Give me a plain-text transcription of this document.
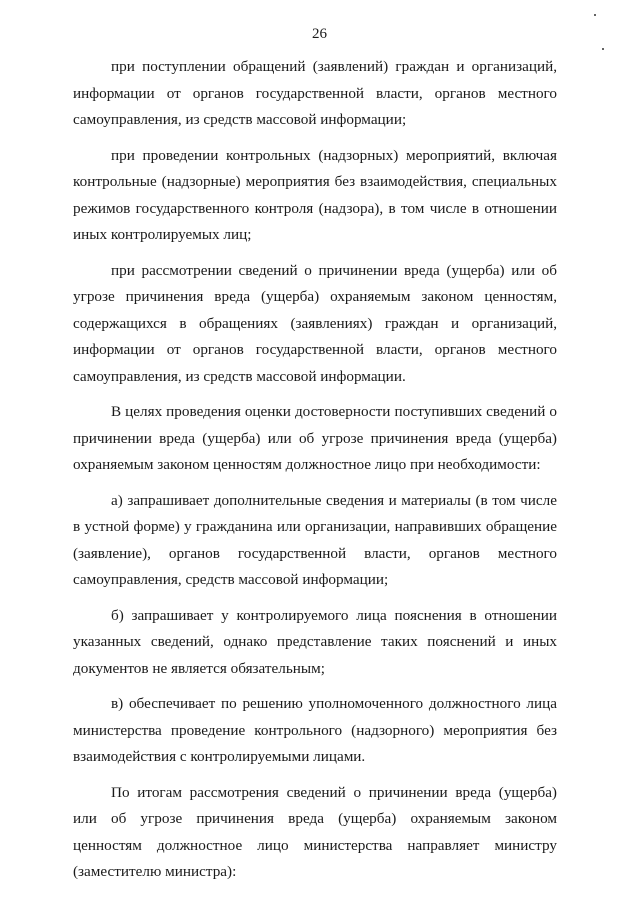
26

при поступлении обращений (заявлений) граждан и организаций, информации от органов государственной власти, органов местного самоуправления, из средств массовой информации;

при проведении контрольных (надзорных) мероприятий, включая контрольные (надзорные) мероприятия без взаимодействия, специальных режимов государственного контроля (надзора), в том числе в отношении иных контролируемых лиц;

при рассмотрении сведений о причинении вреда (ущерба) или об угрозе причинения вреда (ущерба) охраняемым законом ценностям, содержащихся в обращениях (заявлениях) граждан и организаций, информации от органов государственной власти, органов местного самоуправления, из средств массовой информации.

В целях проведения оценки достоверности поступивших сведений о причинении вреда (ущерба) или об угрозе причинения вреда (ущерба) охраняемым законом ценностям должностное лицо при необходимости:

а) запрашивает дополнительные сведения и материалы (в том числе в устной форме) у гражданина или организации, направивших обращение (заявление), органов государственной власти, органов местного самоуправления, средств массовой информации;

б) запрашивает у контролируемого лица пояснения в отношении указанных сведений, однако представление таких пояснений и иных документов не является обязательным;

в) обеспечивает по решению уполномоченного должностного лица министерства проведение контрольного (надзорного) мероприятия без взаимодействия с контролируемыми лицами.

По итогам рассмотрения сведений о причинении вреда (ущерба) или об угрозе причинения вреда (ущерба) охраняемым законом ценностям должностное лицо министерства направляет министру (заместителю министра):
